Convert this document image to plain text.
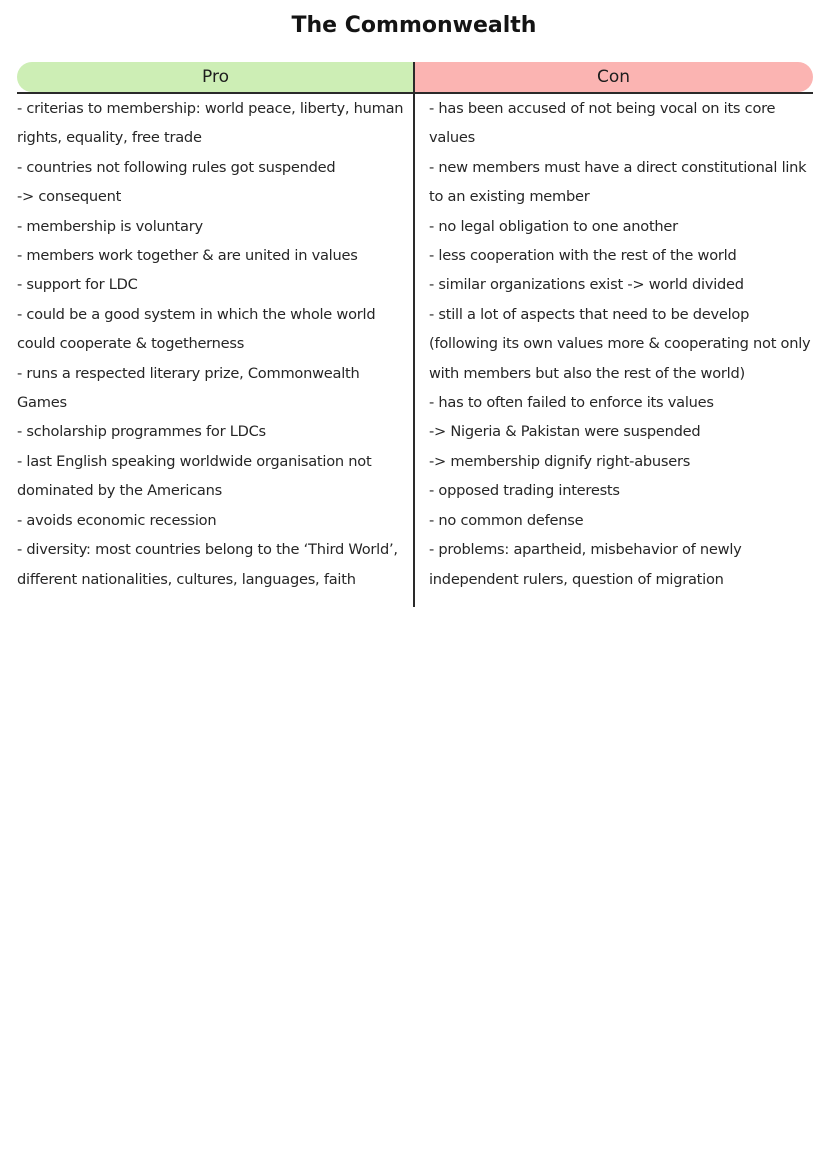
The Commonwealth
Pro	Con
- criterias to membership: world peace, liberty, human rights, equality, free trade
- countries not following rules got suspended
-> consequent
- membership is voluntary
- members work together & are united in values
- support for LDC
- could be a good system in which the whole world could cooperate & togetherness
- runs a respected literary prize, Commonwealth Games
- scholarship programmes for LDCs
- last English speaking worldwide organisation not dominated by the Americans
- avoids economic recession
- diversity: most countries belong to the ‘Third World’, different nationalities, cultures, languages, faith
- has been accused of not being vocal on its core values
- new members must have a direct constitutional link to an existing member
- no legal obligation to one another
- less cooperation with the rest of the world
- similar organizations exist -> world divided
- still a lot of aspects that need to be develop (following its own values more & cooperating not only with members but also the rest of the world)
- has to often failed to enforce its values
-> Nigeria & Pakistan were suspended
-> membership dignify right-abusers
- opposed trading interests
- no common defense
- problems: apartheid, misbehavior of newly independent rulers, question of migration
